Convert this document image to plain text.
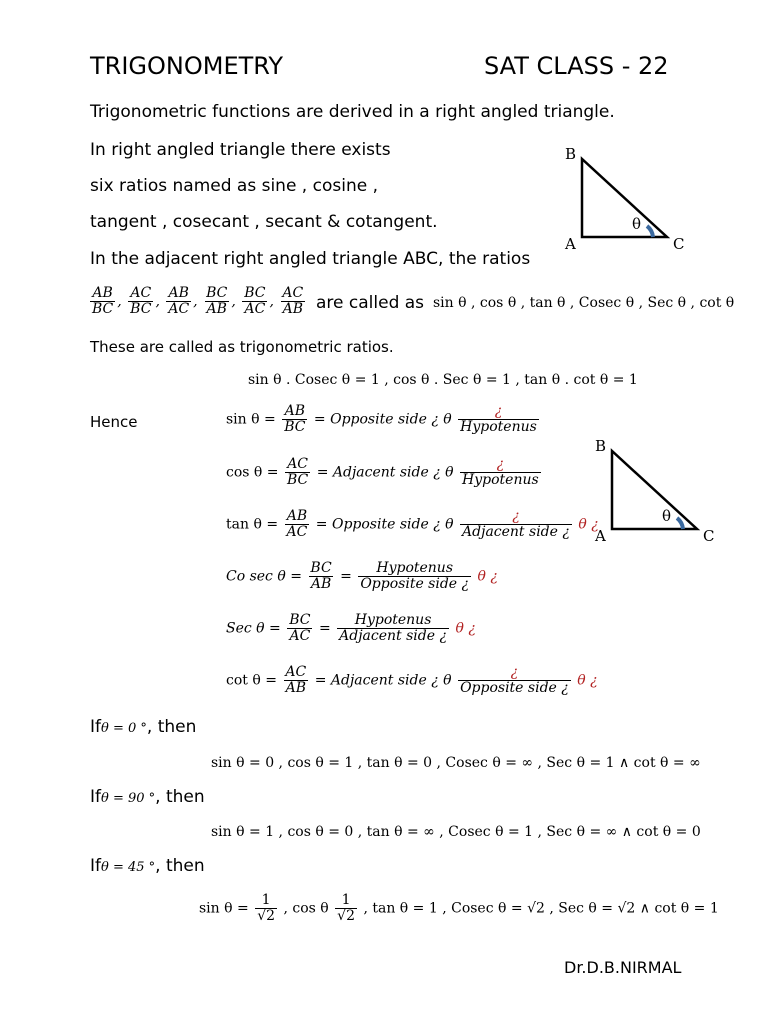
TRIGONOMETRY	SAT CLASS - 22
Trigonometric functions are derived in a right angled triangle.
In right angled triangle there exists
six ratios named as sine , cosine ,
tangent , cosecant , secant & cotangent.
In the adjacent right angled triangle ABC, the ratios
B
A	C
θ
$\frac{AB}{BC}$ , $\frac{AC}{BC}$ , $\frac{AB}{AC}$ , $\frac{BC}{AB}$ , $\frac{BC}{AC}$ , $\frac{AC}{AB}$ are called as sin θ , cos θ , tan θ , Cosec θ , Sec θ , cot θ
These are called as trigonometric ratios.
sin θ . Cosec θ = 1 , cos θ . Sec θ = 1 , tan θ . cot θ = 1
Hence	$\sin \theta = \frac{AB}{BC}$ = Opposite side ¿ θ $\frac{¿}{\text{Hypotenus}}$
$\cos \theta = \frac{AC}{BC}$ = Adjacent side ¿ θ $\frac{¿}{\text{Hypotenus}}$
$\tan \theta = \frac{AB}{AC}$ = Opposite side ¿ θ $\frac{¿}{\text{Adjacent side ¿}}$ θ ¿
Co $\sec \theta = \frac{BC}{AB} = \frac{\text{Hypotenus}}{\text{Opposite side ¿}}$ θ ¿
Sec $\theta = \frac{BC}{AC} = \frac{\text{Hypotenus}}{\text{Adjacent side ¿}}$ θ ¿
$\cot \theta = \frac{AC}{AB}$ = Adjacent side ¿ θ $\frac{¿}{\text{Opposite side ¿}}$ θ ¿
B
A	C
θ
Ifθ = 0 °, then
sin θ = 0 , cos θ = 1 , tan θ = 0 , Cosec θ = ∞ , Sec θ = 1 ∧ cot θ = ∞
Ifθ = 90 °, then
sin θ = 1 , cos θ = 0 , tan θ = ∞ , Cosec θ = 1 , Sec θ = ∞ ∧ cot θ = 0
Ifθ = 45 °, then
$\sin \theta = \frac{1}{√2}$ , cos θ $\frac{1}{√2}$ , tan θ = 1 , Cosec θ = √2 , Sec θ = √2 ∧ cot θ = 1
Dr.D.B.NIRMAL
